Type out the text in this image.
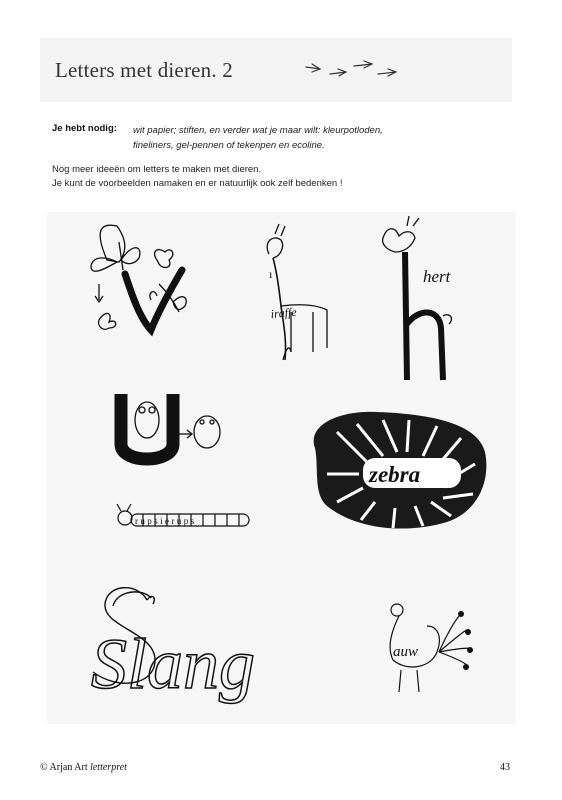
Letters met dieren. 2
Je hebt nodig: wit papier; stiften, en verder wat je maar wilt: kleurpotloden,
fineliners, gel-pennen of tekenpen en ecoline.
Nog meer ideeën om letters te maken met dieren.
Je kunt de voorbeelden namaken en er natuurlijk ook zelf bedenken !
ı
iraffe
hert
zebra
rupsierups
Slang	auw
© Arjan Art letterpret	43
